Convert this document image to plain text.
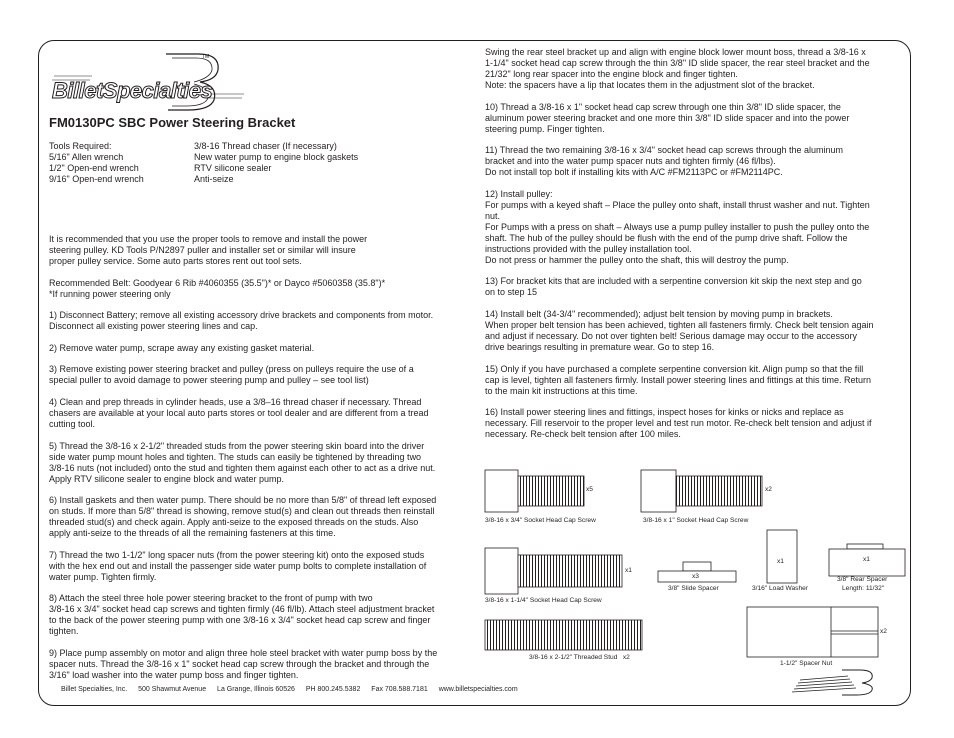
BilletSpecialties
TM
FM0130PC SBC Power Steering Bracket
Tools Required:
5/16" Allen wrench
1/2" Open-end wrench
9/16" Open-end wrench
3/8-16 Thread chaser (If necessary)
New water pump to engine block gaskets
RTV silicone sealer
Anti-seize

It is recommended that you use the proper tools to remove and install the power
steering pulley. KD Tools P/N2897 puller and installer set or similar will insure
proper pulley service. Some auto parts stores rent out tool sets.

Recommended Belt: Goodyear 6 Rib #4060355 (35.5")* or Dayco #5060358 (35.8")*
*If running power steering only

1) Disconnect Battery; remove all existing accessory drive brackets and components from motor.
Disconnect all existing power steering lines and cap.

2) Remove water pump, scrape away any existing gasket material.

3) Remove existing power steering bracket and pulley (press on pulleys require the use of a
special puller to avoid damage to power steering pump and pulley – see tool list)

4) Clean and prep threads in cylinder heads, use a 3/8–16 thread chaser if necessary. Thread
chasers are available at your local auto parts stores or tool dealer and are different from a tread
cutting tool.

5) Thread the 3/8-16 x 2-1/2" threaded studs from the power steering skin board into the driver
side water pump mount holes and tighten. The studs can easily be tightened by threading two
3/8-16 nuts (not included) onto the stud and tighten them against each other to act as a drive nut.
Apply RTV silicone sealer to engine block and water pump.

6) Install gaskets and then water pump. There should be no more than 5/8" of thread left exposed
on studs. If more than 5/8" thread is showing, remove stud(s) and clean out threads then reinstall
threaded stud(s) and check again. Apply anti-seize to the exposed threads on the studs. Also
apply anti-seize to the threads of all the remaining fasteners at this time.

7) Thread the two 1-1/2" long spacer nuts (from the power steering kit) onto the exposed studs
with the hex end out and install the passenger side water pump bolts to complete installation of
water pump. Tighten firmly.

8) Attach the steel three hole power steering bracket to the front of pump with two
3/8-16 x 3/4" socket head cap screws and tighten firmly (46 fl/lb). Attach steel adjustment bracket
to the back of the power steering pump with one 3/8-16 x 3/4" socket head cap screw and finger
tighten.

9) Place pump assembly on motor and align three hole steel bracket with water pump boss by the
spacer nuts. Thread the 3/8-16 x 1" socket head cap screw through the bracket and through the
3/16" load washer into the water pump boss and finger tighten.

Swing the rear steel bracket up and align with engine block lower mount boss, thread a 3/8-16 x
1-1/4" socket head cap screw through the thin 3/8" ID slide spacer, the rear steel bracket and the
21/32" long rear spacer into the engine block and finger tighten.
Note: the spacers have a lip that locates them in the adjustment slot of the bracket.

10) Thread a 3/8-16 x 1" socket head cap screw through one thin 3/8" ID slide spacer, the
aluminum power steering bracket and one more thin 3/8" ID slide spacer and into the power
steering pump. Finger tighten.

11) Thread the two remaining 3/8-16 x 3/4" socket head cap screws through the aluminum
bracket and into the water pump spacer nuts and tighten firmly (46 fl/lbs).
Do not install top bolt if installing kits with A/C #FM2113PC or #FM2114PC.

12) Install pulley:
For pumps with a keyed shaft – Place the pulley onto shaft, install thrust washer and nut. Tighten
nut.
For Pumps with a press on shaft – Always use a pump pulley installer to push the pulley onto the
shaft. The hub of the pulley should be flush with the end of the pump drive shaft. Follow the
instructions provided with the pulley installation tool.
Do not press or hammer the pulley onto the shaft, this will destroy the pump.

13) For bracket kits that are included with a serpentine conversion kit skip the next step and go
on to step 15

14) Install belt (34-3/4" recommended); adjust belt tension by moving pump in brackets.
When proper belt tension has been achieved, tighten all fasteners firmly. Check belt tension again
and adjust if necessary. Do not over tighten belt! Serious damage may occur to the accessory
drive bearings resulting in premature wear. Go to step 16.

15) Only if you have purchased a complete serpentine conversion kit. Align pump so that the fill
cap is level, tighten all fasteners firmly. Install power steering lines and fittings at this time. Return
to the main kit instructions at this time.

16) Install power steering lines and fittings, inspect hoses for kinks or nicks and replace as
necessary. Fill reservoir to the proper level and test run motor. Re-check belt tension and adjust if
necessary. Re-check belt tension after 100 miles.

x5
3/8-16 x 3/4" Socket Head Cap Screw
x2
3/8-16 x 1" Socket Head Cap Screw
x1
3/8-16 x 1-1/4" Socket Head Cap Screw
x3
3/8" Slide Spacer
x1
3/16" Load Washer
x1
3/8" Rear Spacer
Length: 11/32"
3/8-16 x 2-1/2" Threaded Stud x2
x2
1-1/2" Spacer Nut
Billet Specialties, Inc. 500 Shawmut Avenue La Grange, Illinois 60526 PH 800.245.5382 Fax 708.588.7181 www.billetspecialties.com
